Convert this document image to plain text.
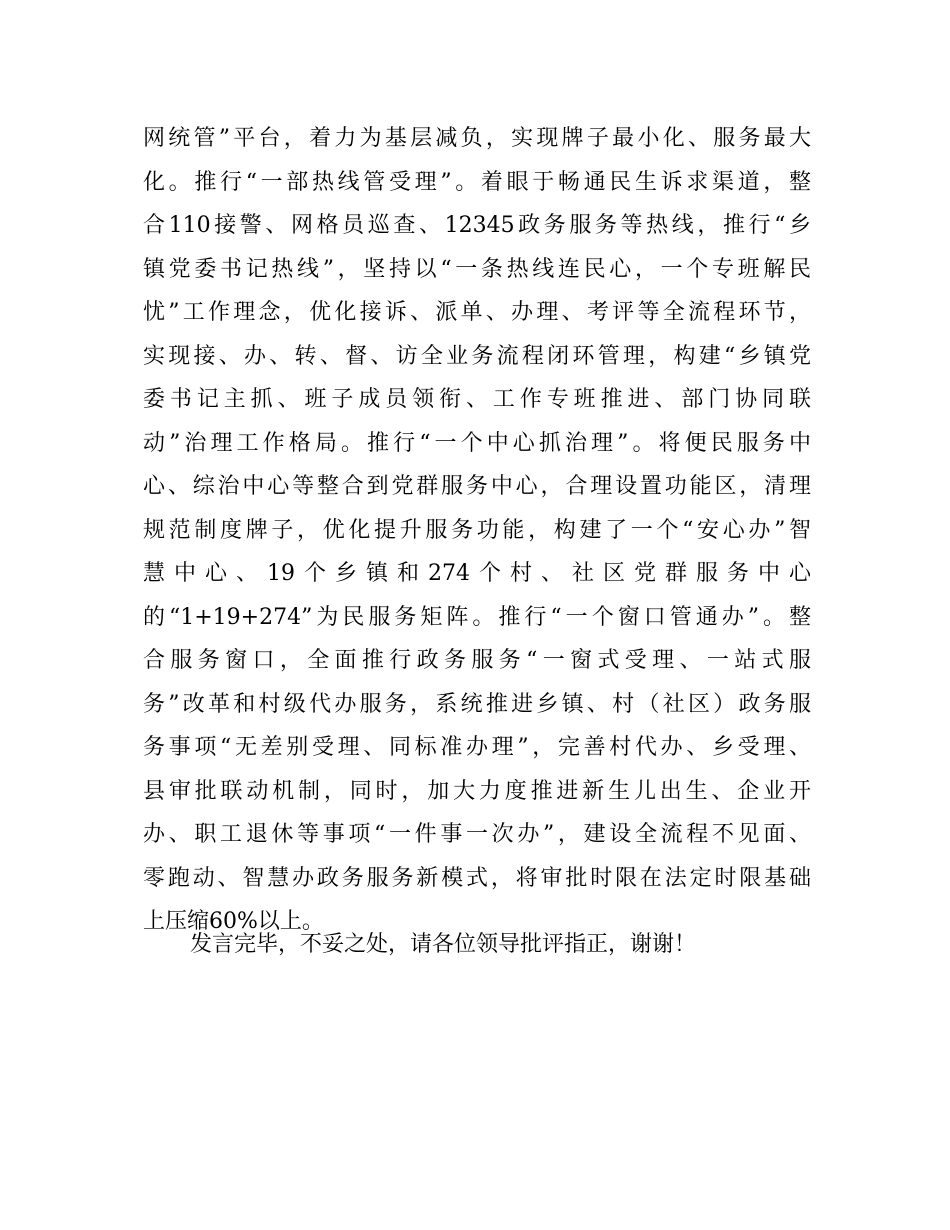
网统管”平台，着力为基层减负，实现牌子最小化、服务最大
化。推行“一部热线管受理”。着眼于畅通民生诉求渠道，整
合110接警、网格员巡查、12345政务服务等热线，推行“乡
镇党委书记热线”，坚持以“一条热线连民心，一个专班解民
忧”工作理念，优化接诉、派单、办理、考评等全流程环节，
实现接、办、转、督、访全业务流程闭环管理，构建“乡镇党
委书记主抓、班子成员领衔、工作专班推进、部门协同联
动”治理工作格局。推行“一个中心抓治理”。将便民服务中
心、综治中心等整合到党群服务中心，合理设置功能区，清理
规范制度牌子，优化提升服务功能，构建了一个“安心办”智
慧中心、19个乡镇和274个村、社区党群服务中心
的“1+19+274”为民服务矩阵。推行“一个窗口管通办”。整
合服务窗口，全面推行政务服务“一窗式受理、一站式服
务”改革和村级代办服务，系统推进乡镇、村（社区）政务服
务事项“无差别受理、同标准办理”，完善村代办、乡受理、
县审批联动机制，同时，加大力度推进新生儿出生、企业开
办、职工退休等事项“一件事一次办”，建设全流程不见面、
零跑动、智慧办政务服务新模式，将审批时限在法定时限基础
上压缩60%以上。
发言完毕，不妥之处，请各位领导批评指正，谢谢！
